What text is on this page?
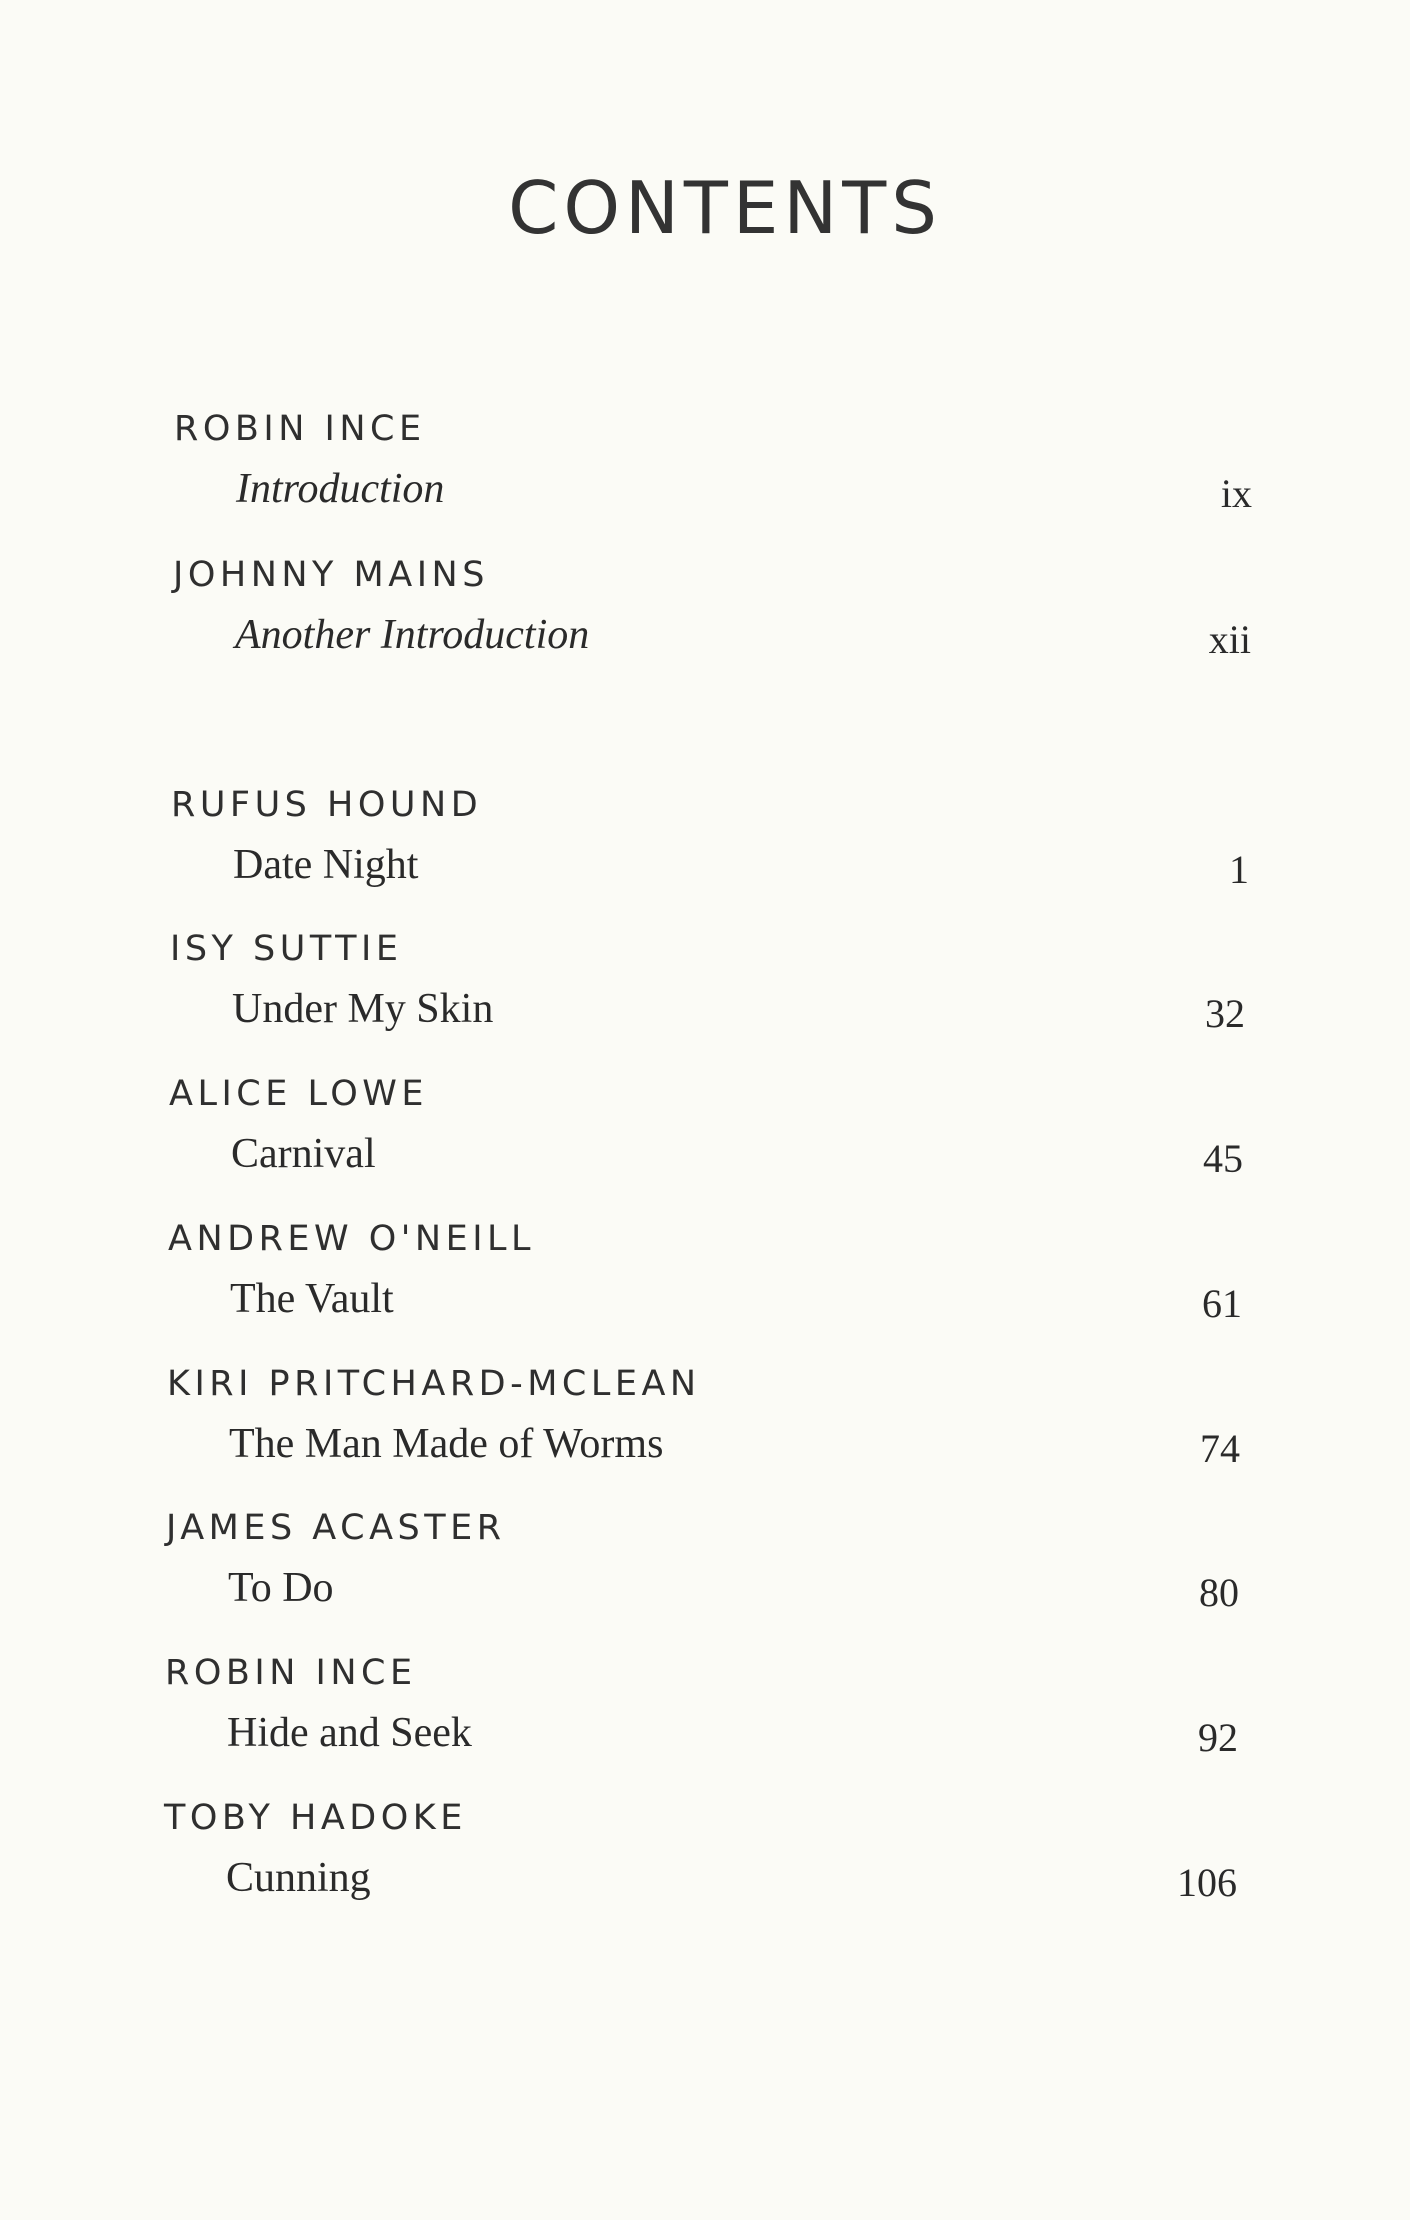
CONTENTS
ROBIN INCE
Introduction	ix
JOHNNY MAINS
Another Introduction	xii
RUFUS HOUND
Date Night	1
ISY SUTTIE
Under My Skin	32
ALICE LOWE
Carnival	45
ANDREW O'NEILL
The Vault	61
KIRI PRITCHARD-MCLEAN
The Man Made of Worms	74
JAMES ACASTER
To Do	80
ROBIN INCE
Hide and Seek	92
TOBY HADOKE
Cunning	106
